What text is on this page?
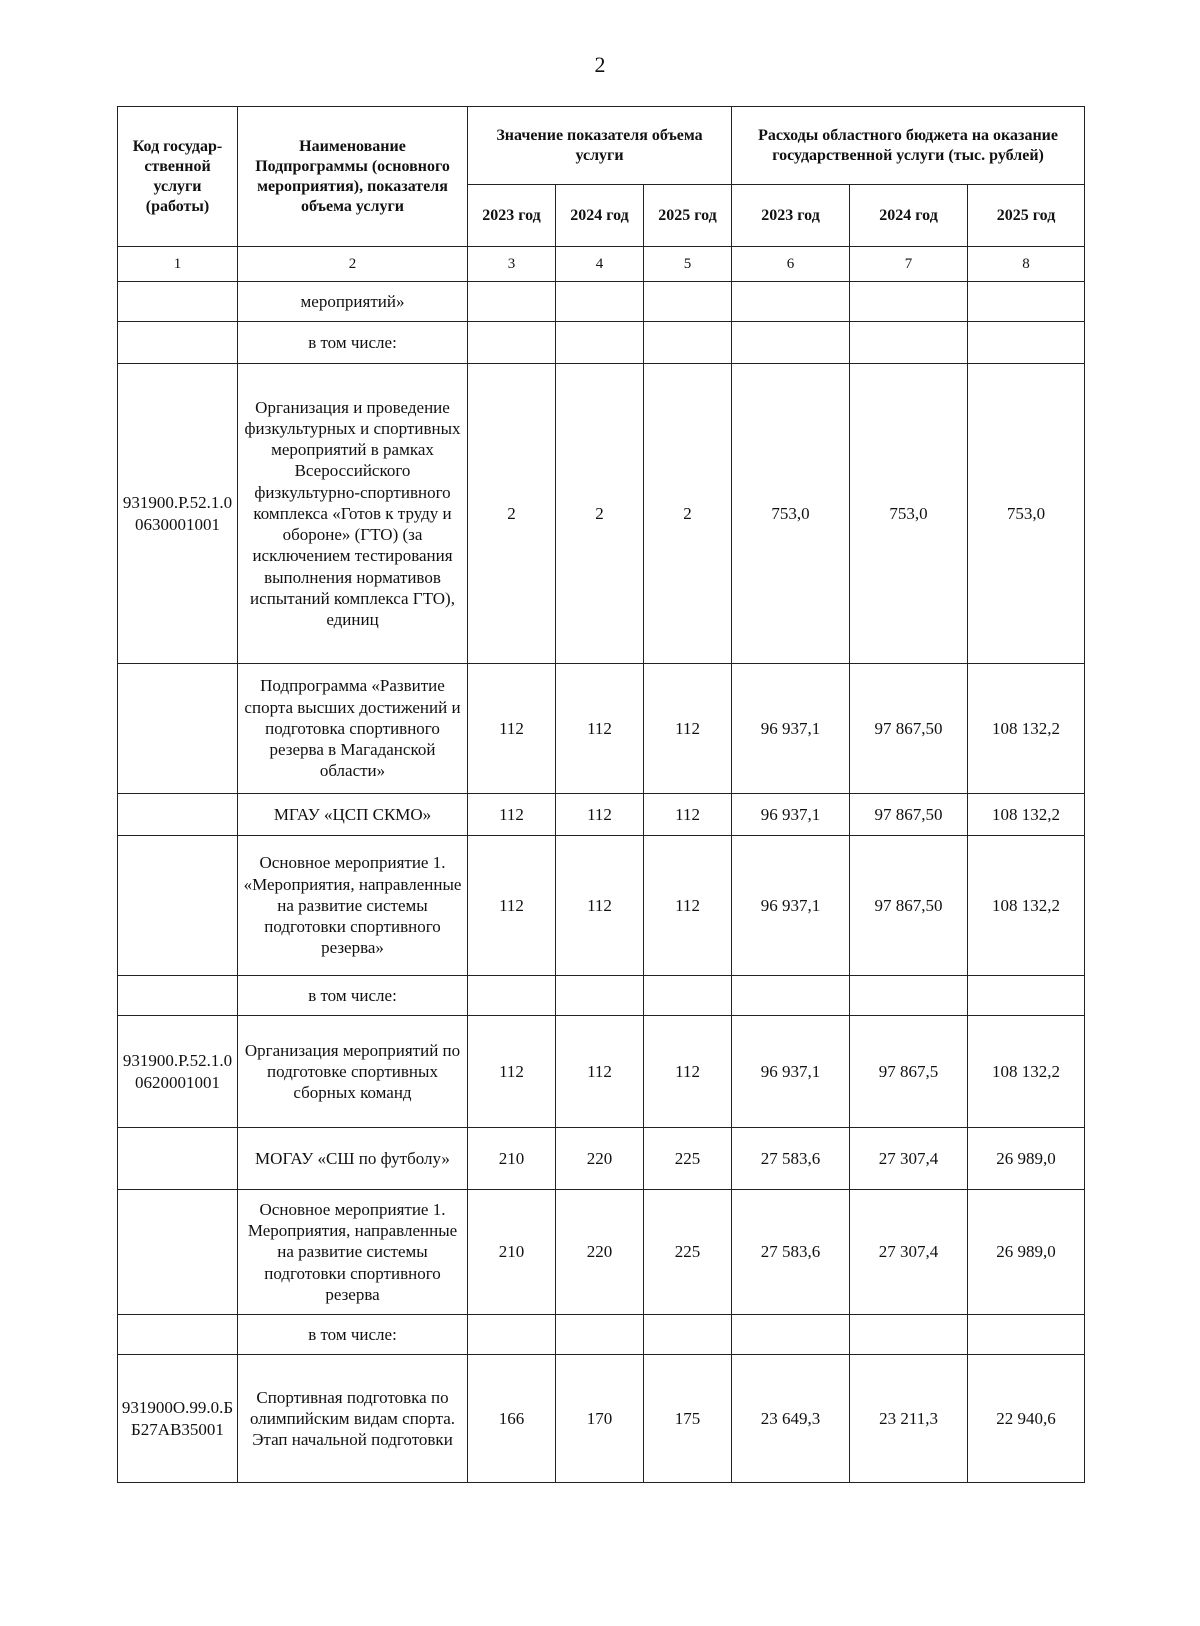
2
Код государ-ственной услуги (работы)	Наименование Подпрограммы (основного мероприятия), показателя объема услуги	Значение показателя объема услуги			Расходы областного бюджета на оказание государственной услуги (тыс. рублей)		
		2023 год	2024 год	2025 год	2023 год	2024 год	2025 год
1	2	3	4	5	6	7	8
	мероприятий»						
	в том числе:						
931900.Р.52.1.00630001001	Организация и проведение физкультурных и спортивных мероприятий в рамках Всероссийского физкультурно-спортивного комплекса «Готов к труду и обороне» (ГТО) (за исключением тестирования выполнения нормативов испытаний комплекса ГТО), единиц	2	2	2	753,0	753,0	753,0
	Подпрограмма «Развитие спорта высших достижений и подготовка спортивного резерва в Магаданской области»	112	112	112	96 937,1	97 867,50	108 132,2
	МГАУ «ЦСП СКМО»	112	112	112	96 937,1	97 867,50	108 132,2
	Основное мероприятие 1. «Мероприятия, направленные на развитие системы подготовки спортивного резерва»	112	112	112	96 937,1	97 867,50	108 132,2
	в том числе:						
931900.Р.52.1.00620001001	Организация мероприятий по подготовке спортивных сборных команд	112	112	112	96 937,1	97 867,5	108 132,2
	МОГАУ «СШ по футболу»	210	220	225	27 583,6	27 307,4	26 989,0
	Основное мероприятие 1. Мероприятия, направленные на развитие системы подготовки спортивного резерва	210	220	225	27 583,6	27 307,4	26 989,0
	в том числе:						
931900О.99.0.ББ27АВ35001	Спортивная подготовка по олимпийским видам спорта. Этап начальной подготовки	166	170	175	23 649,3	23 211,3	22 940,6
